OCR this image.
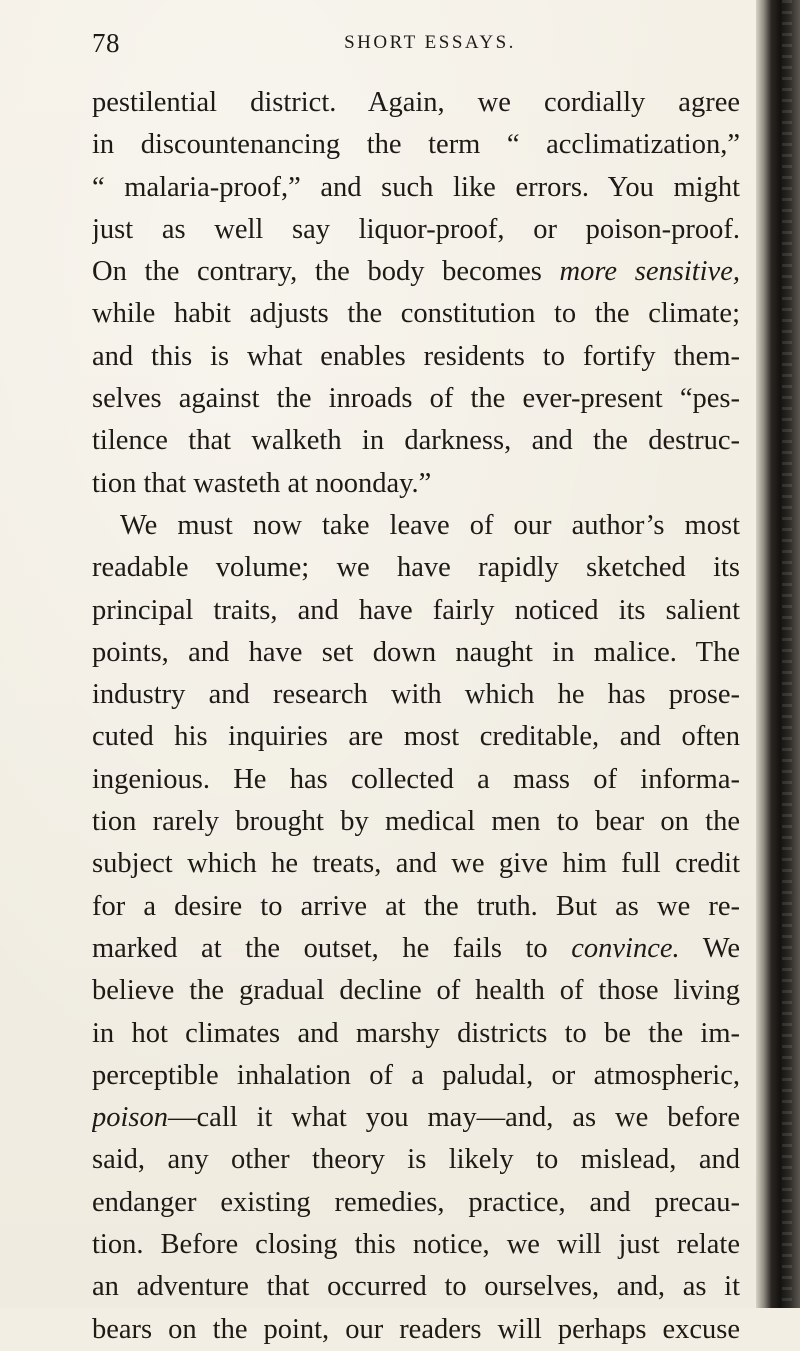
78	SHORT ESSAYS.
pestilential district. Again, we cordially agree
in discountenancing the term “ acclimatization,”
“ malaria-proof,” and such like errors. You might
just as well say liquor-proof, or poison-proof.
On the contrary, the body becomes more sensitive,
while habit adjusts the constitution to the climate;
and this is what enables residents to fortify them-
selves against the inroads of the ever-present “pes-
tilence that walketh in darkness, and the destruc-
tion that wasteth at noonday.”
We must now take leave of our author’s most
readable volume; we have rapidly sketched its
principal traits, and have fairly noticed its salient
points, and have set down naught in malice. The
industry and research with which he has prose-
cuted his inquiries are most creditable, and often
ingenious. He has collected a mass of informa-
tion rarely brought by medical men to bear on the
subject which he treats, and we give him full credit
for a desire to arrive at the truth. But as we re-
marked at the outset, he fails to convince. We
believe the gradual decline of health of those living
in hot climates and marshy districts to be the im-
perceptible inhalation of a paludal, or atmospheric,
poison—call it what you may—and, as we before
said, any other theory is likely to mislead, and
endanger existing remedies, practice, and precau-
tion. Before closing this notice, we will just relate
an adventure that occurred to ourselves, and, as it
bears on the point, our readers will perhaps excuse
